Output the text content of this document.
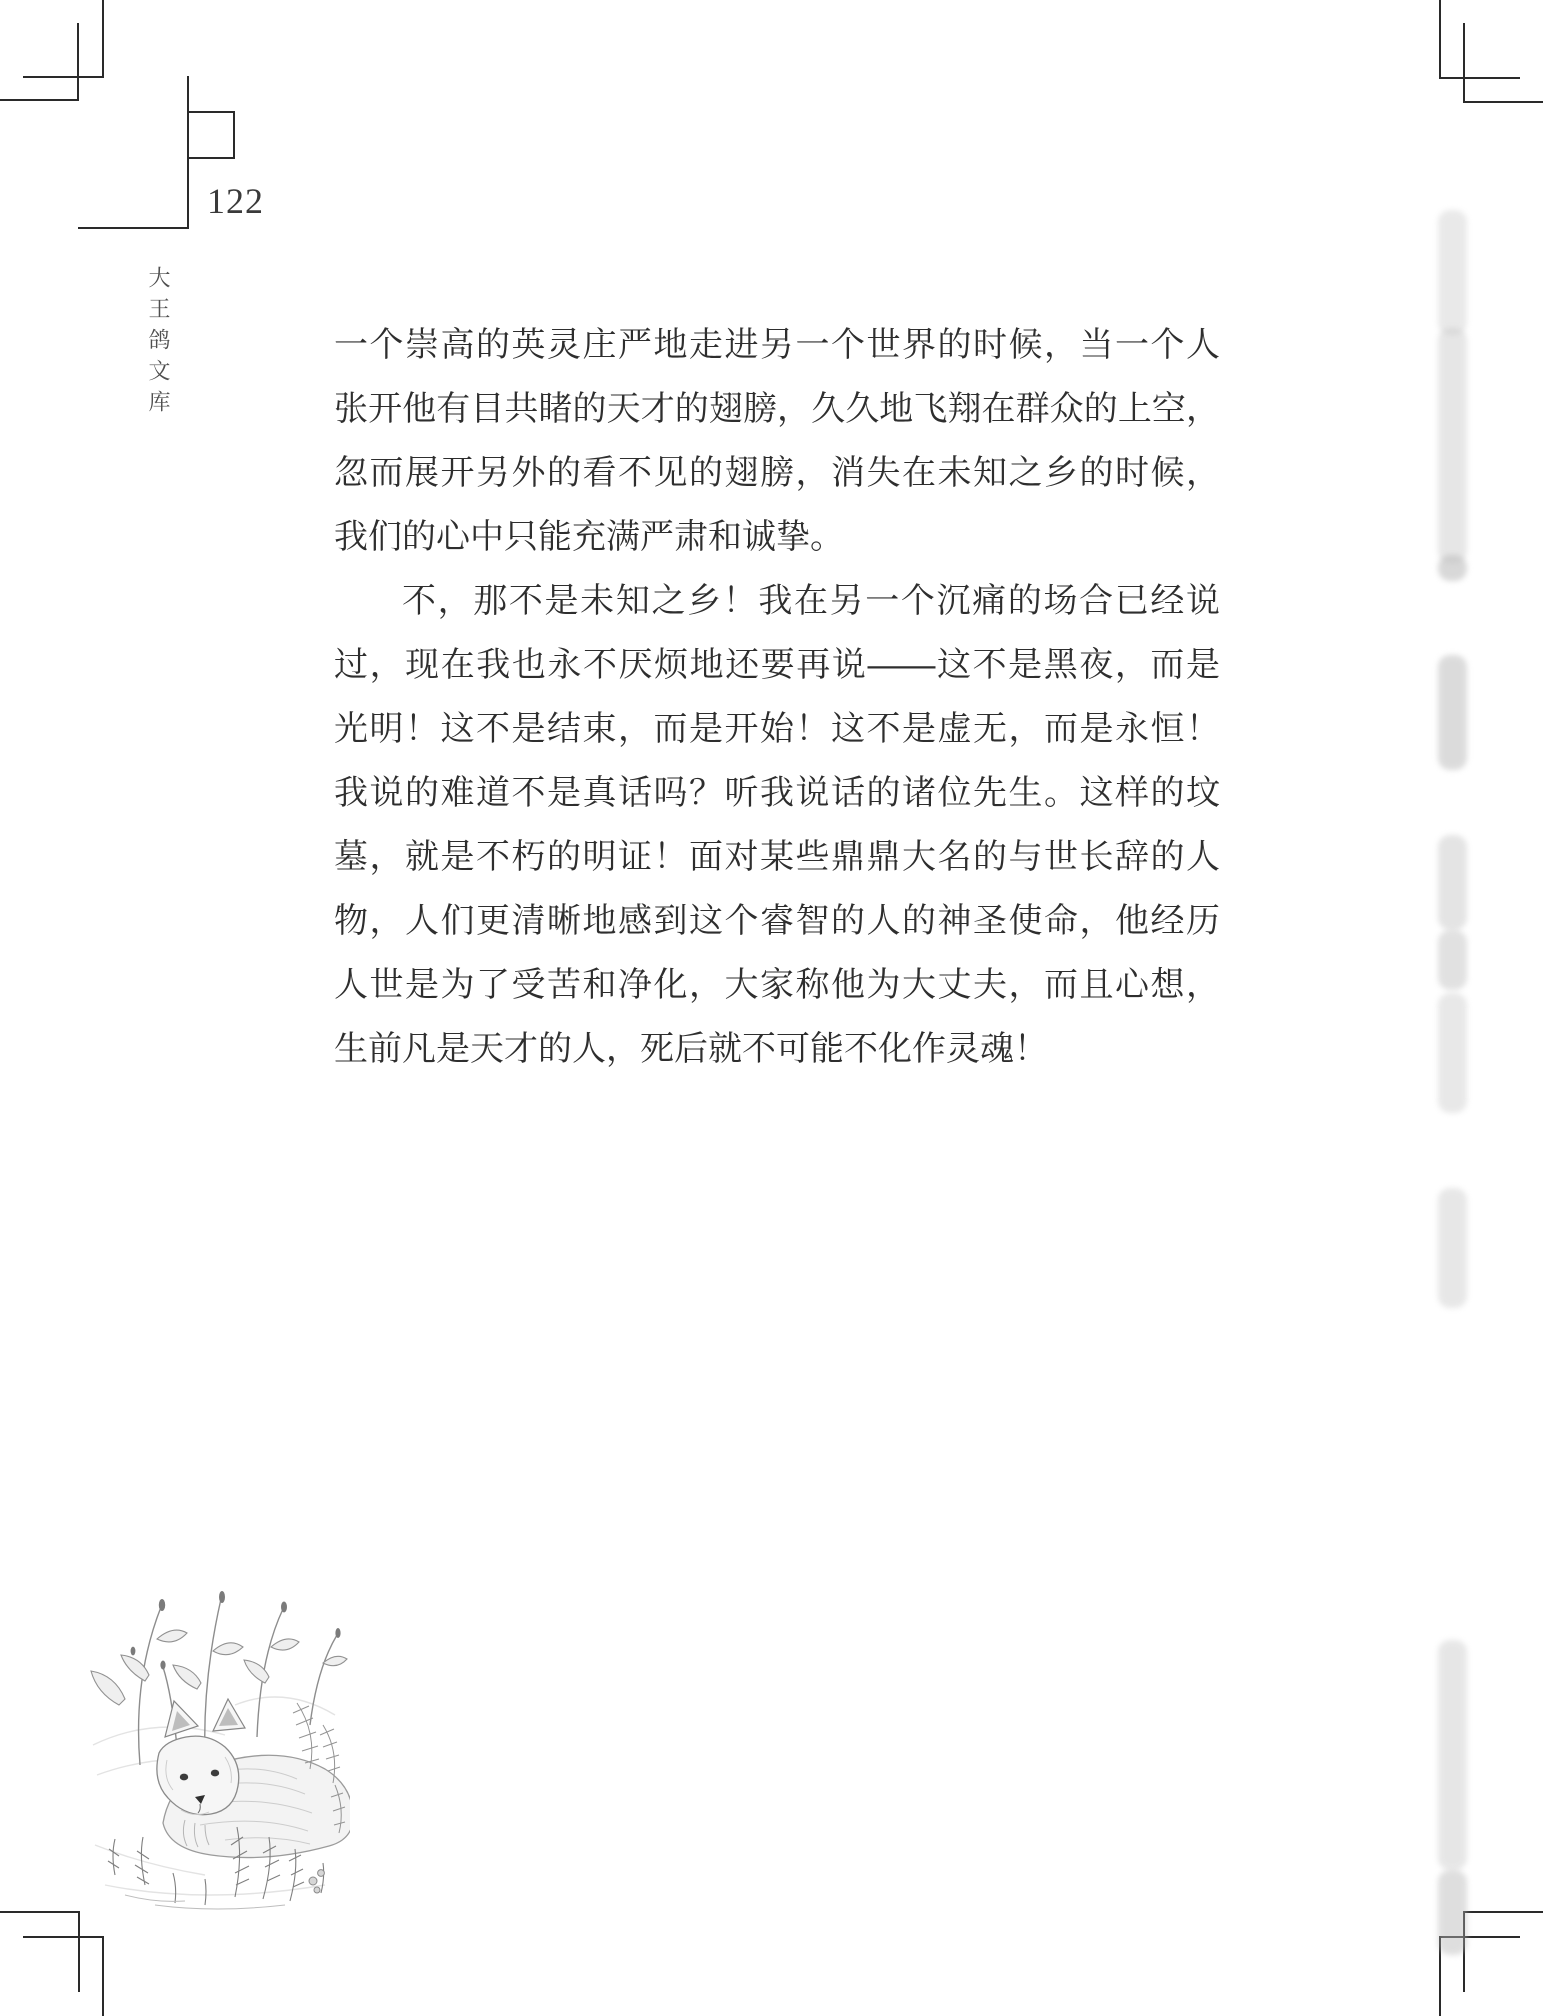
122
大王鸽文库	一个崇高的英灵庄严地走进另一个世界的时候，当一个人
张开他有目共睹的天才的翅膀，久久地飞翔在群众的上空，
忽而展开另外的看不见的翅膀，消失在未知之乡的时候，
我们的心中只能充满严肃和诚挚。
不，那不是未知之乡！我在另一个沉痛的场合已经说
过，现在我也永不厌烦地还要再说——这不是黑夜，而是
光明！这不是结束，而是开始！这不是虚无，而是永恒！
我说的难道不是真话吗？听我说话的诸位先生。这样的坟
墓，就是不朽的明证！面对某些鼎鼎大名的与世长辞的人
物，人们更清晰地感到这个睿智的人的神圣使命，他经历
人世是为了受苦和净化，大家称他为大丈夫，而且心想，
生前凡是天才的人，死后就不可能不化作灵魂！
